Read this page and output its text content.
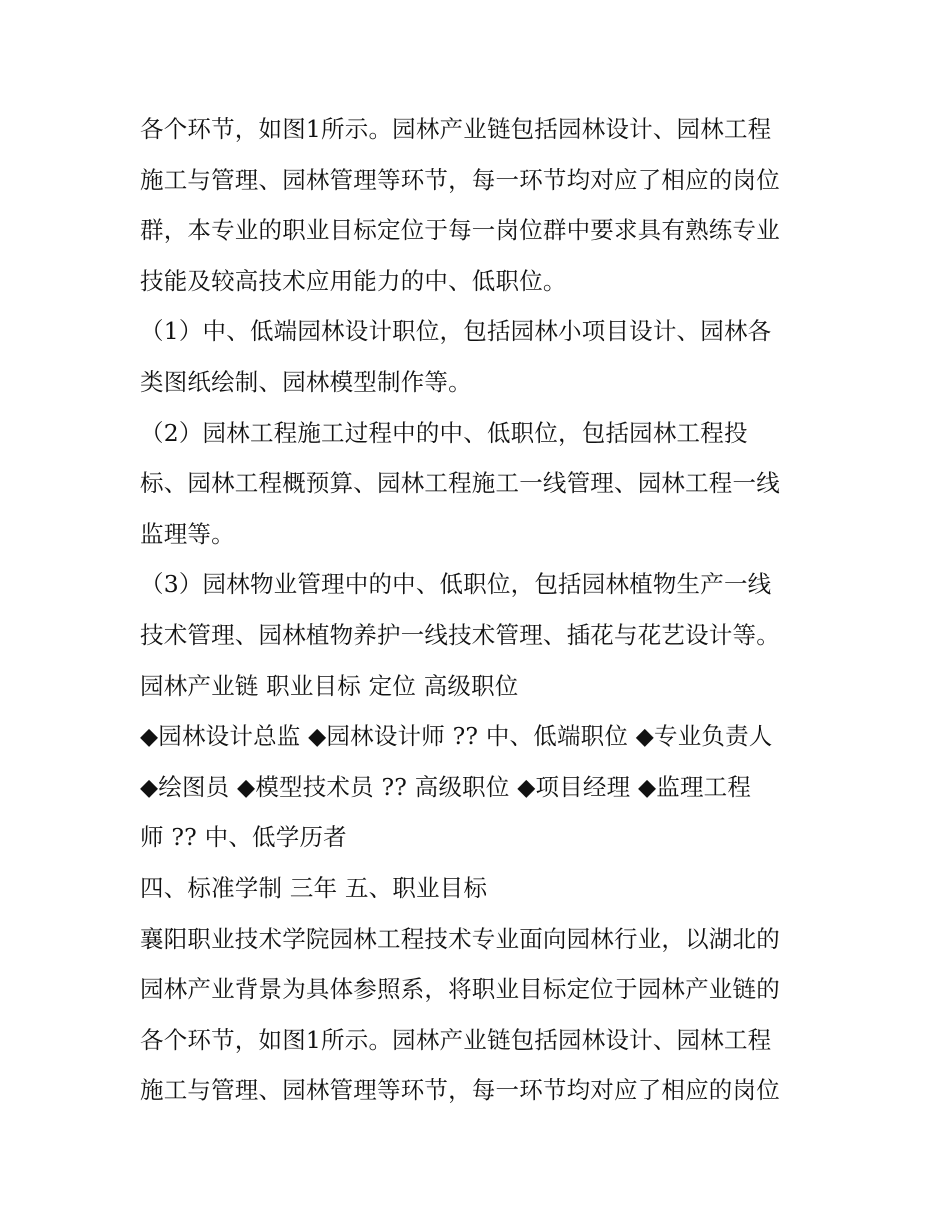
各个环节，如图1所示。园林产业链包括园林设计、园林工程
施工与管理、园林管理等环节，每一环节均对应了相应的岗位
群，本专业的职业目标定位于每一岗位群中要求具有熟练专业
技能及较高技术应用能力的中、低职位。
（1）中、低端园林设计职位，包括园林小项目设计、园林各
类图纸绘制、园林模型制作等。
（2）园林工程施工过程中的中、低职位，包括园林工程投
标、园林工程概预算、园林工程施工一线管理、园林工程一线
监理等。
（3）园林物业管理中的中、低职位，包括园林植物生产一线
技术管理、园林植物养护一线技术管理、插花与花艺设计等。
园林产业链 职业目标 定位 高级职位
◆园林设计总监 ◆园林设计师 ?? 中、低端职位 ◆专业负责人
◆绘图员 ◆模型技术员 ?? 高级职位 ◆项目经理 ◆监理工程
师 ?? 中、低学历者
四、标准学制 三年 五、职业目标
襄阳职业技术学院园林工程技术专业面向园林行业，以湖北的
园林产业背景为具体参照系，将职业目标定位于园林产业链的
各个环节，如图1所示。园林产业链包括园林设计、园林工程
施工与管理、园林管理等环节，每一环节均对应了相应的岗位
